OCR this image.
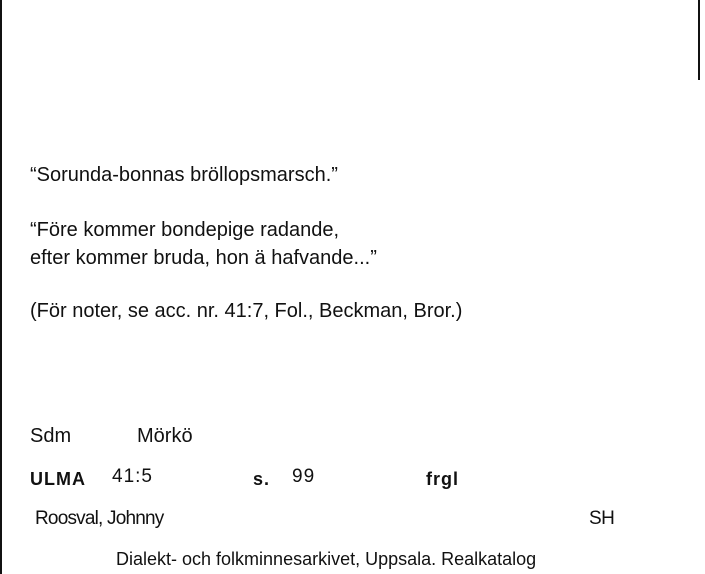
“Sorunda-bonnas bröllopsmarsch.”
“Före kommer bondepige radande,
efter kommer bruda, hon ä hafvande...”
(För noter, se acc. nr. 41:7, Fol., Beckman, Bror.)
Sdm	Mörkö
ULMA 41:5	s. 99	frgl
Roosval, Johnny	SH
Dialekt- och folkminnesarkivet, Uppsala. Realkatalog
